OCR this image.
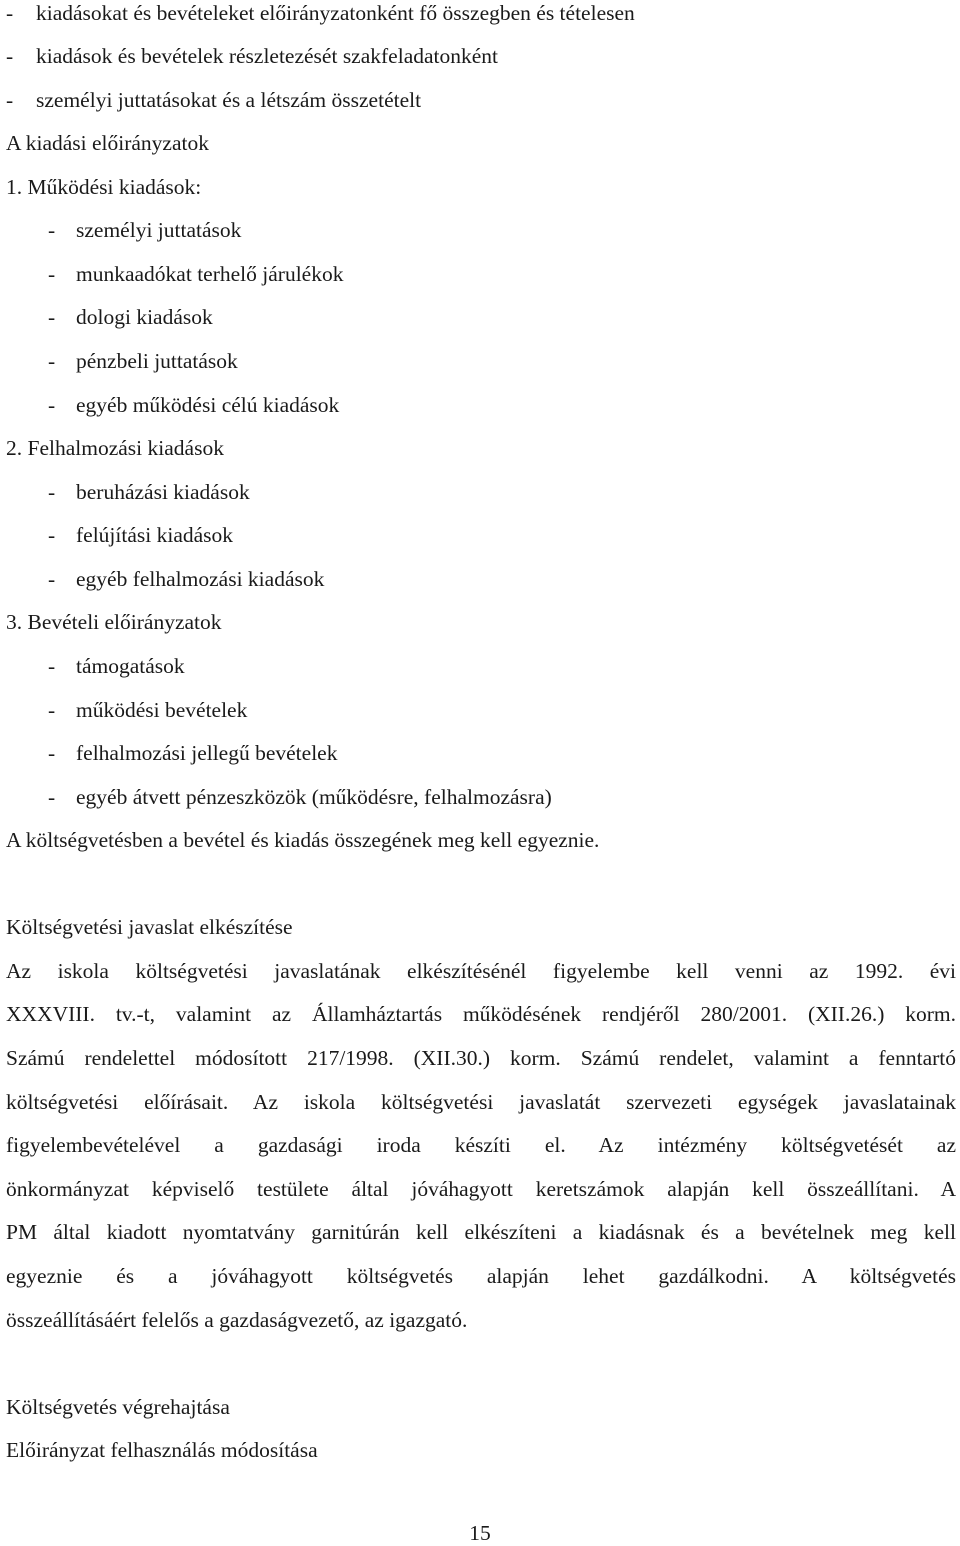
- kiadásokat és bevételeket előirányzatonként fő összegben és tételesen
- kiadások és bevételek részletezését szakfeladatonként
- személyi juttatásokat és a létszám összetételt
A kiadási előirányzatok
1. Működési kiadások:
- személyi juttatások
- munkaadókat terhelő járulékok
- dologi kiadások
- pénzbeli juttatások
- egyéb működési célú kiadások
2. Felhalmozási kiadások
- beruházási kiadások
- felújítási kiadások
- egyéb felhalmozási kiadások
3. Bevételi előirányzatok
- támogatások
- működési bevételek
- felhalmozási jellegű bevételek
- egyéb átvett pénzeszközök (működésre, felhalmozásra)
A költségvetésben a bevétel és kiadás összegének meg kell egyeznie.
Költségvetési javaslat elkészítése
Az iskola költségvetési javaslatának elkészítésénél figyelembe kell venni az 1992. évi
XXXVIII. tv.-t, valamint az Államháztartás működésének rendjéről 280/2001. (XII.26.) korm.
Számú rendelettel módosított 217/1998. (XII.30.) korm. Számú rendelet, valamint a fenntartó
költségvetési előírásait. Az iskola költségvetési javaslatát szervezeti egységek javaslatainak
figyelembevételével a gazdasági iroda készíti el. Az intézmény költségvetését az
önkormányzat képviselő testülete által jóváhagyott keretszámok alapján kell összeállítani. A
PM által kiadott nyomtatvány garnitúrán kell elkészíteni a kiadásnak és a bevételnek meg kell
egyeznie és a jóváhagyott költségvetés alapján lehet gazdálkodni. A költségvetés
összeállításáért felelős a gazdaságvezető, az igazgató.
Költségvetés végrehajtása
Előirányzat felhasználás módosítása
15
